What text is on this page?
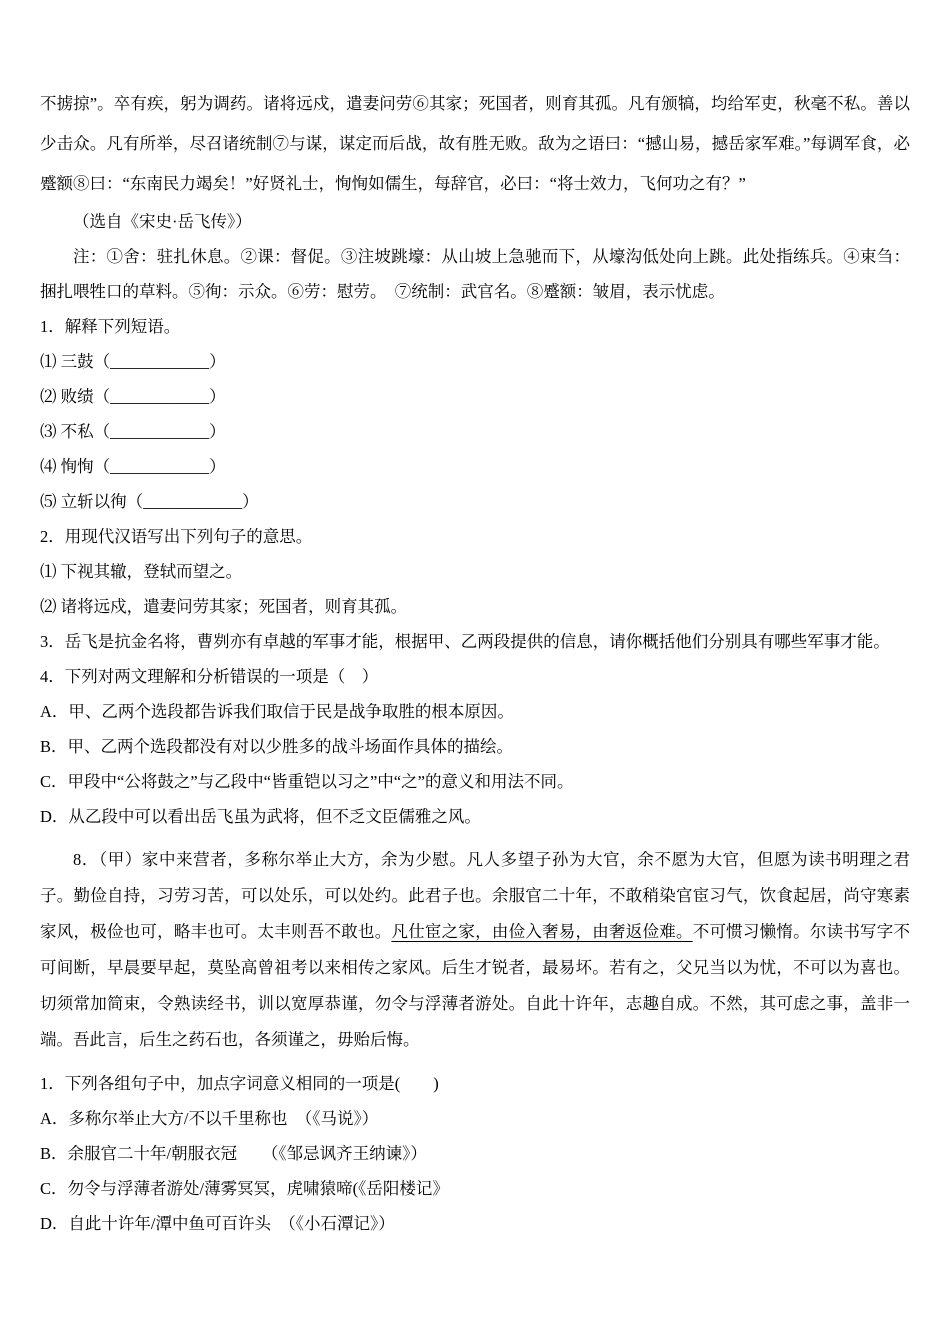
不掳掠”。卒有疾，躬为调药。诸将远戍，遣妻问劳⑥其家；死国者，则育其孤。凡有颁犒，均给军吏，秋毫不私。善以少击众。凡有所举，尽召诸统制⑦与谋，谋定而后战，故有胜无败。敌为之语曰：“撼山易，撼岳家军难。”每调军食，必蹙额⑧曰：“东南民力竭矣！”好贤礼士，恂恂如儒生，每辞官，必曰：“将士效力，飞何功之有？”
（选自《宋史·岳飞传》）
注：①舍：驻扎休息。②课：督促。③注坡跳壕：从山坡上急驰而下，从壕沟低处向上跳。此处指练兵。④束刍：捆扎喂牲口的草料。⑤徇：示众。⑥劳：慰劳。　⑦统制：武官名。⑧蹙额：皱眉，表示忧虑。
1．解释下列短语。
⑴ 三鼓（____________）
⑵ 败绩（____________）
⑶ 不私（____________）
⑷ 恂恂（____________）
⑸ 立斩以徇（____________）
2．用现代汉语写出下列句子的意思。
⑴ 下视其辙，登轼而望之。
⑵ 诸将远戍，遣妻问劳其家；死国者，则育其孤。
3．岳飞是抗金名将，曹刿亦有卓越的军事才能，根据甲、乙两段提供的信息，请你概括他们分别具有哪些军事才能。
4．下列对两文理解和分析错误的一项是（　）
A．甲、乙两个选段都告诉我们取信于民是战争取胜的根本原因。
B．甲、乙两个选段都没有对以少胜多的战斗场面作具体的描绘。
C．甲段中“公将鼓之”与乙段中“皆重铠以习之”中“之”的意义和用法不同。
D．从乙段中可以看出岳飞虽为武将，但不乏文臣儒雅之风。
8．（甲）家中来营者，多称尔举止大方，余为少慰。凡人多望子孙为大官，余不愿为大官，但愿为读书明理之君子。勤俭自持，习劳习苦，可以处乐，可以处约。此君子也。余服官二十年，不敢稍染官宦习气，饮食起居，尚守寒素家风，极俭也可，略丰也可。太丰则吾不敢也。凡仕宦之家，由俭入奢易，由奢返俭难。不可惯习懒惰。尔读书写字不可间断，早晨要早起，莫坠高曾祖考以来相传之家风。后生才锐者，最易坏。若有之，父兄当以为忧，不可以为喜也。切须常加简束，令熟读经书，训以宽厚恭谨，勿令与浮薄者游处。自此十许年，志趣自成。不然，其可虑之事，盖非一端。吾此言，后生之药石也，各须谨之，毋贻后悔。
1．下列各组句子中，加点字词意义相同的一项是(　　)
A．多称尔举止大方/不以千里称也　（《马说》）
B．余服官二十年/朝服衣冠　　（《邹忌讽齐王纳谏》）
C．勿令与浮薄者游处/薄雾冥冥，虎啸猿啼(《岳阳楼记》
D．自此十许年/潭中鱼可百许头　（《小石潭记》）
